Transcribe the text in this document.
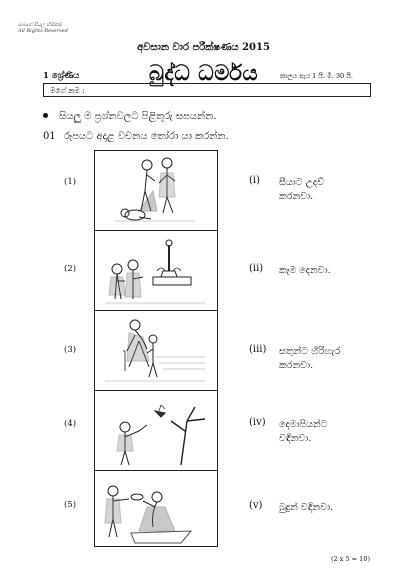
ඔබගේ සියලු හිමිකම්
All Rights Reserved
අවසාන වාර පරීක්ෂණය 2015
බුද්ධ ධර්මය
1 ශ්‍රේණිය	කාලය පැය 1 යි. මි. 30 යි.
මගේ නම :
සියලු ම ප්‍රශ්නවලට පිළිතුරු සපයන්න.
01 රූපයට අදාළ වචනය තෝරා යා කරන්න.
(1)
(2)
(3)
(4)
(5)
(i) සීයාට උදව්
කරනවා.
(ii) කෑම දෙනවා.
(iii) සතුන්ට හිරිහැර
කරනවා.
(iv) දෙමාපියන්ට
වඳිනවා.
(v) බුදුන් වඳිනවා.
(2 x 5 = 10)
